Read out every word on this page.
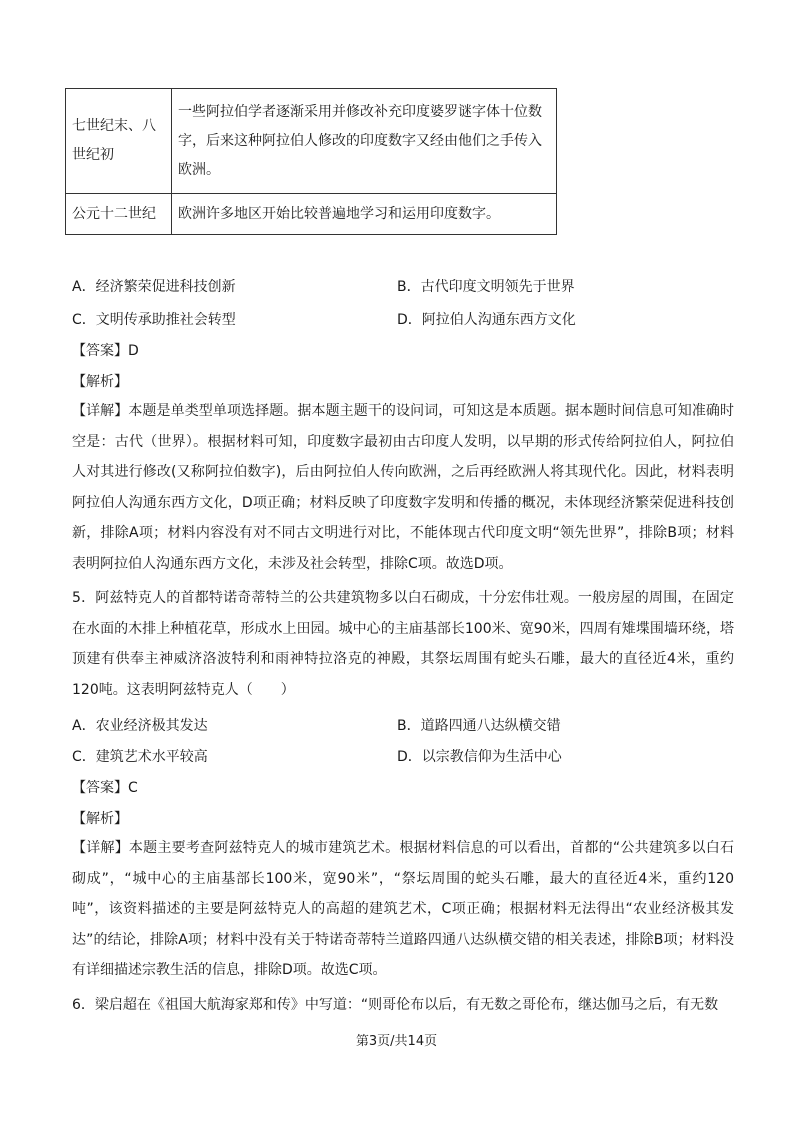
七世纪末、八世纪初	一些阿拉伯学者逐渐采用并修改补充印度婆罗谜字体十位数字，后来这种阿拉伯人修改的印度数字又经由他们之手传入欧洲。
公元十二世纪	欧洲许多地区开始比较普遍地学习和运用印度数字。
A．经济繁荣促进科技创新	B．古代印度文明领先于世界
C．文明传承助推社会转型	D．阿拉伯人沟通东西方文化
【答案】D
【解析】
【详解】本题是单类型单项选择题。据本题主题干的设问词，可知这是本质题。据本题时间信息可知准确时空是：古代（世界）。根据材料可知，印度数字最初由古印度人发明，以早期的形式传给阿拉伯人，阿拉伯人对其进行修改(又称阿拉伯数字)，后由阿拉伯人传向欧洲，之后再经欧洲人将其现代化。因此，材料表明阿拉伯人沟通东西方文化，D项正确；材料反映了印度数字发明和传播的概况，未体现经济繁荣促进科技创新，排除A项；材料内容没有对不同古文明进行对比，不能体现古代印度文明“领先世界”，排除B项；材料表明阿拉伯人沟通东西方文化，未涉及社会转型，排除C项。故选D项。
5．阿兹特克人的首都特诺奇蒂特兰的公共建筑物多以白石砌成，十分宏伟壮观。一般房屋的周围，在固定在水面的木排上种植花草，形成水上田园。城中心的主庙基部长100米、宽90米，四周有雉堞围墙环绕，塔顶建有供奉主神威济洛波特利和雨神特拉洛克的神殿，其祭坛周围有蛇头石雕，最大的直径近4米，重约120吨。这表明阿兹特克人（　　）
A．农业经济极其发达	B．道路四通八达纵横交错
C．建筑艺术水平较高	D．以宗教信仰为生活中心
【答案】C
【解析】
【详解】本题主要考查阿兹特克人的城市建筑艺术。根据材料信息的可以看出，首都的“公共建筑多以白石砌成”，“城中心的主庙基部长100米，宽90米”，“祭坛周围的蛇头石雕，最大的直径近4米，重约120吨”，该资料描述的主要是阿兹特克人的高超的建筑艺术，C项正确；根据材料无法得出“农业经济极其发达”的结论，排除A项；材料中没有关于特诺奇蒂特兰道路四通八达纵横交错的相关表述，排除B项；材料没有详细描述宗教生活的信息，排除D项。故选C项。
6．梁启超在《祖国大航海家郑和传》中写道：“则哥伦布以后，有无数之哥伦布，继达伽马之后，有无数
第3页/共14页
